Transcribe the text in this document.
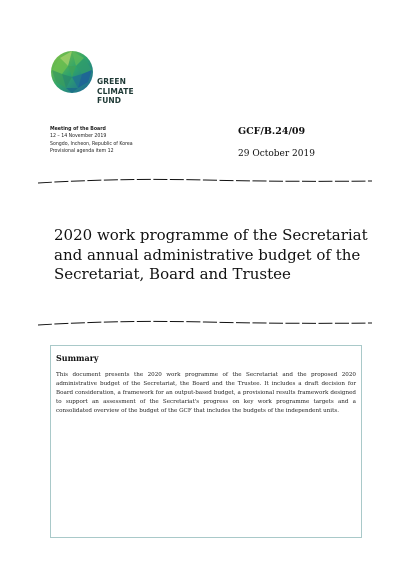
GREEN
CLIMATE
FUND
Meeting of the Board
12 – 14 November 2019
Songdo, Incheon, Republic of Korea
Provisional agenda item 12
GCF/B.24/09
29 October 2019
2020 work programme of the Secretariat and annual administrative budget of the Secretariat, Board and Trustee
Summary
This document presents the 2020 work programme of the Secretariat and the proposed 2020 administrative budget of the Secretariat, the Board and the Trustee. It includes a draft decision for Board consideration, a framework for an output-based budget, a provisional results framework designed to support an assessment of the Secretariat's progress on key work programme targets and a consolidated overview of the budget of the GCF that includes the budgets of the independent units.
